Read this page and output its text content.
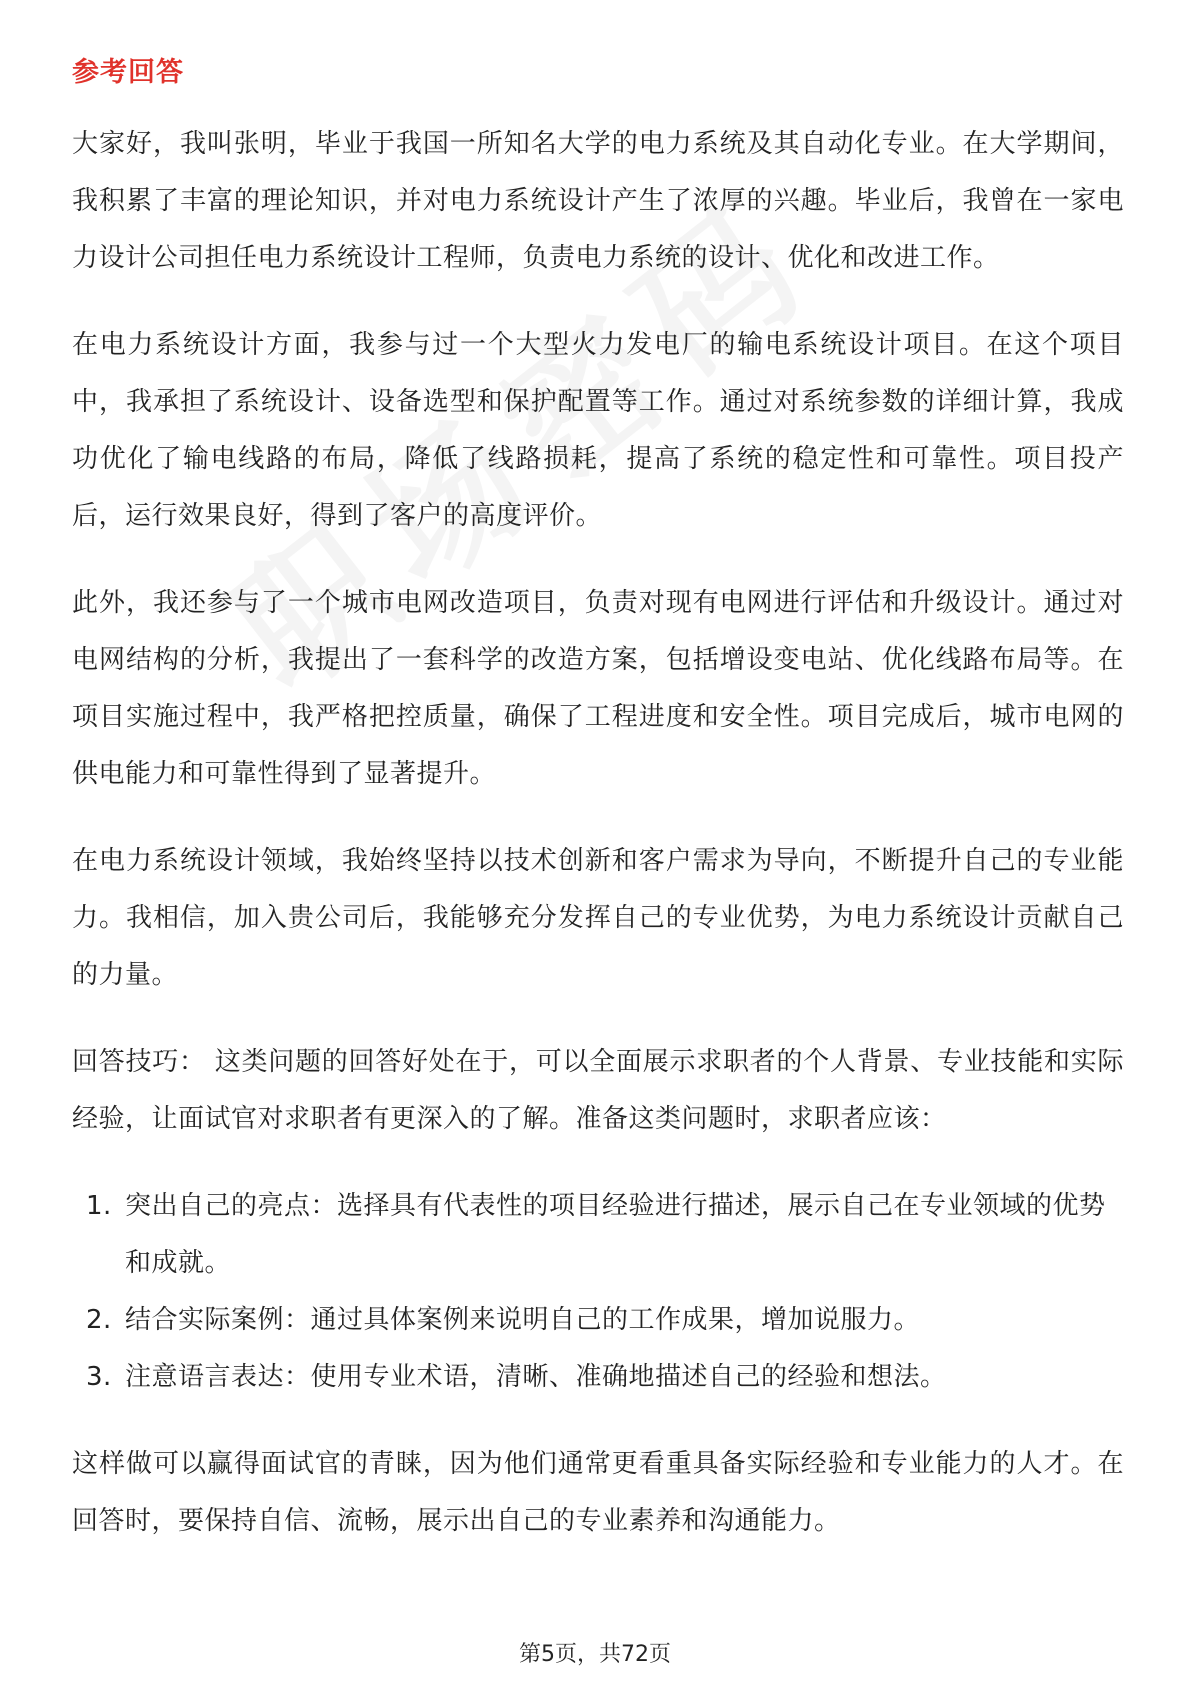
参考回答

大家好，我叫张明，毕业于我国一所知名大学的电力系统及其自动化专业。在大学期间，我积累了丰富的理论知识，并对电力系统设计产生了浓厚的兴趣。毕业后，我曾在一家电力设计公司担任电力系统设计工程师，负责电力系统的设计、优化和改进工作。

在电力系统设计方面，我参与过一个大型火力发电厂的输电系统设计项目。在这个项目中，我承担了系统设计、设备选型和保护配置等工作。通过对系统参数的详细计算，我成功优化了输电线路的布局，降低了线路损耗，提高了系统的稳定性和可靠性。项目投产后，运行效果良好，得到了客户的高度评价。

此外，我还参与了一个城市电网改造项目，负责对现有电网进行评估和升级设计。通过对电网结构的分析，我提出了一套科学的改造方案，包括增设变电站、优化线路布局等。在项目实施过程中，我严格把控质量，确保了工程进度和安全性。项目完成后，城市电网的供电能力和可靠性得到了显著提升。

在电力系统设计领域，我始终坚持以技术创新和客户需求为导向，不断提升自己的专业能力。我相信，加入贵公司后，我能够充分发挥自己的专业优势，为电力系统设计贡献自己的力量。

回答技巧： 这类问题的回答好处在于，可以全面展示求职者的个人背景、专业技能和实际经验，让面试官对求职者有更深入的了解。准备这类问题时，求职者应该：

1. 突出自己的亮点：选择具有代表性的项目经验进行描述，展示自己在专业领域的优势和成就。
2. 结合实际案例：通过具体案例来说明自己的工作成果，增加说服力。
3. 注意语言表达：使用专业术语，清晰、准确地描述自己的经验和想法。

这样做可以赢得面试官的青睐，因为他们通常更看重具备实际经验和专业能力的人才。在回答时，要保持自信、流畅，展示出自己的专业素养和沟通能力。

第5页，共72页
